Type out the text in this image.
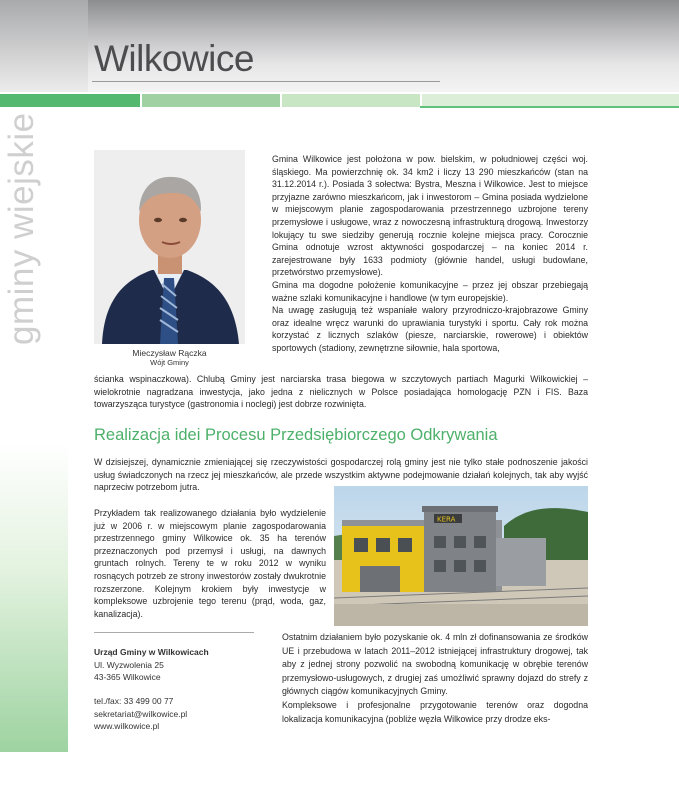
Wilkowice
gminy wiejskie
Mieczysław Rączka
Wójt Gminy

Gmina Wilkowice jest położona w pow. bielskim, w południowej części woj. śląskiego. Ma powierzchnię ok. 34 km2 i liczy 13 290 mieszkańców (stan na 31.12.2014 r.). Posiada 3 sołectwa: Bystra, Meszna i Wilkowice. Jest to miejsce przyjazne zarówno mieszkańcom, jak i inwestorom – Gmina posiada wydzielone w miejscowym planie zagospodarowania przestrzennego uzbrojone tereny przemysłowe i usługowe, wraz z nowoczesną infrastrukturą drogową. Inwestorzy lokujący tu swe siedziby generują rocznie kolejne miejsca pracy. Corocznie Gmina odnotuje wzrost aktywności gospodarczej – na koniec 2014 r. zarejestrowane były 1633 podmioty (głównie handel, usługi budowlane, przetwórstwo przemysłowe).

Gmina ma dogodne położenie komunikacyjne – przez jej obszar przebiegają ważne szlaki komunikacyjne i handlowe (w tym europejskie).

Na uwagę zasługują też wspaniałe walory przyrodniczo-krajobrazowe Gminy oraz idealne wręcz warunki do uprawiania turystyki i sportu. Cały rok można korzystać z licznych szlaków (piesze, narciarskie, rowerowe) i obiektów sportowych (stadiony, zewnętrzne siłownie, hala sportowa,

ścianka wspinaczkowa). Chlubą Gminy jest narciarska trasa biegowa w szczytowych partiach Magurki Wilkowickiej – wielokrotnie nagradzana inwestycja, jako jedna z nielicznych w Polsce posiadająca homologację PZN i FIS. Baza towarzysząca turystyce (gastronomia i noclegi) jest dobrze rozwinięta.

Realizacja idei Procesu Przedsiębiorczego Odkrywania

W dzisiejszej, dynamicznie zmieniającej się rzeczywistości gospodarczej rolą gminy jest nie tylko stałe podnoszenie jakości usług świadczonych na rzecz jej mieszkańców, ale przede wszystkim aktywne podejmowanie działań kolejnych, tak aby wyjść naprzeciw potrzebom jutra.

Przykładem tak realizowanego działania było wydzielenie już w 2006 r. w miejscowym planie zagospodarowania przestrzennego gminy Wilkowice ok. 35 ha terenów przeznaczonych pod przemysł i usługi, na dawnych gruntach rolnych. Tereny te w roku 2012 w wyniku rosnących potrzeb ze strony inwestorów zostały dwukrotnie rozszerzone. Kolejnym krokiem były inwestycje w kompleksowe uzbrojenie tego terenu (prąd, woda, gaz, kanalizacja).

KERA
Urząd Gminy w Wilkowicach
Ul. Wyzwolenia 25
43-365 Wilkowice
tel./fax: 33 499 00 77
sekretariat@wilkowice.pl
www.wilkowice.pl

Ostatnim działaniem było pozyskanie ok. 4 mln zł dofinansowania ze środków UE i przebudowa w latach 2011–2012 istniejącej infrastruktury drogowej, tak aby z jednej strony pozwolić na swobodną komunikację w obrębie terenów przemysłowo-usługowych, z drugiej zaś umożliwić sprawny dojazd do strefy z głównych ciągów komunikacyjnych Gminy.

Kompleksowe i profesjonalne przygotowanie terenów oraz dogodna lokalizacja komunikacyjna (pobliże węzła Wilkowice przy drodze eks-
